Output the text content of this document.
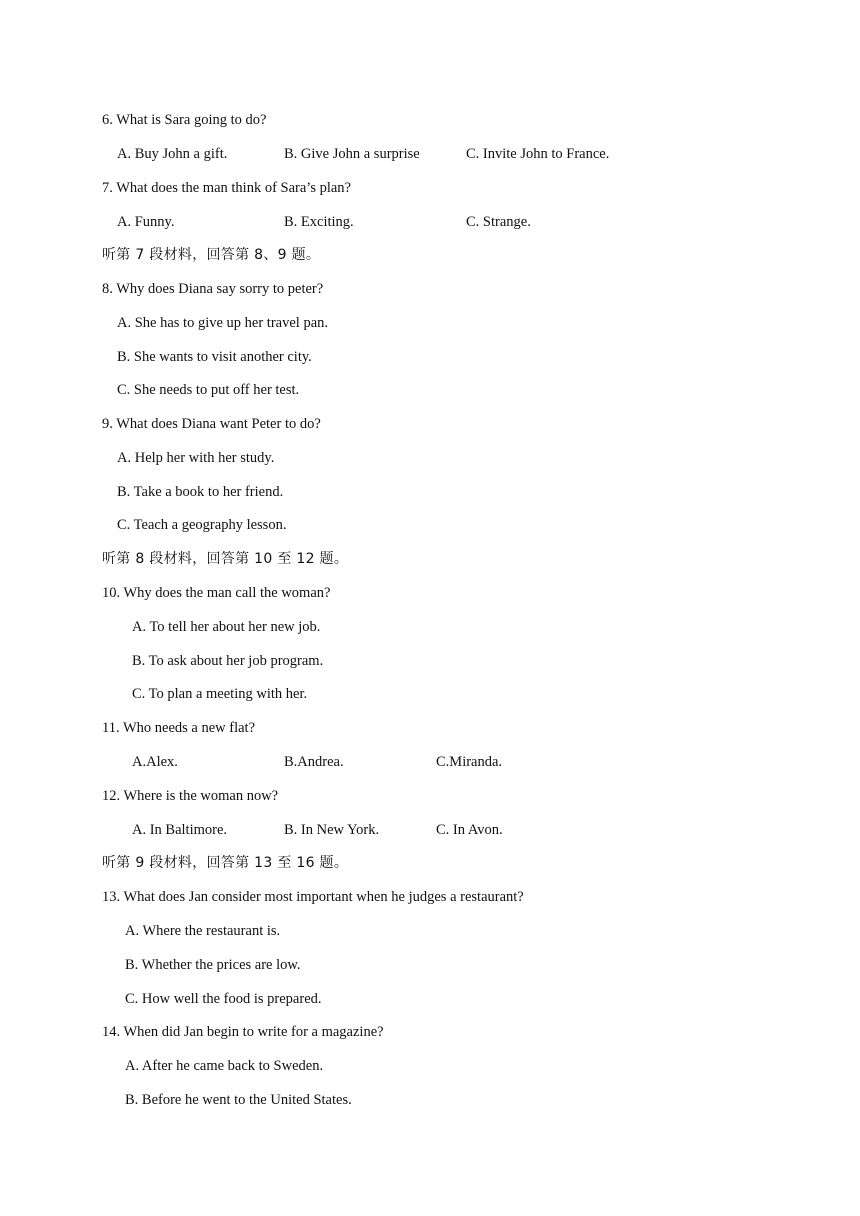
6. What is Sara going to do?
A. Buy John a gift.	B. Give John a surprise	C. Invite John to France.
7. What does the man think of Sara’s plan?
A. Funny.	B. Exciting.	C. Strange.
听第 7 段材料，回答第 8、9 题。
8. Why does Diana say sorry to peter?
A. She has to give up her travel pan.
B. She wants to visit another city.
C. She needs to put off her test.
9. What does Diana want Peter to do?
A. Help her with her study.
B. Take a book to her friend.
C. Teach a geography lesson.
听第 8 段材料，回答第 10 至 12 题。
10. Why does the man call the woman?
A. To tell her about her new job.
B. To ask about her job program.
C. To plan a meeting with her.
11. Who needs a new flat?
A.Alex.	B.Andrea.	C.Miranda.
12. Where is the woman now?
A. In Baltimore.	B. In New York.	C. In Avon.
听第 9 段材料，回答第 13 至 16 题。
13. What does Jan consider most important when he judges a restaurant?
A. Where the restaurant is.
B. Whether the prices are low.
C. How well the food is prepared.
14. When did Jan begin to write for a magazine?
A. After he came back to Sweden.
B. Before he went to the United States.
